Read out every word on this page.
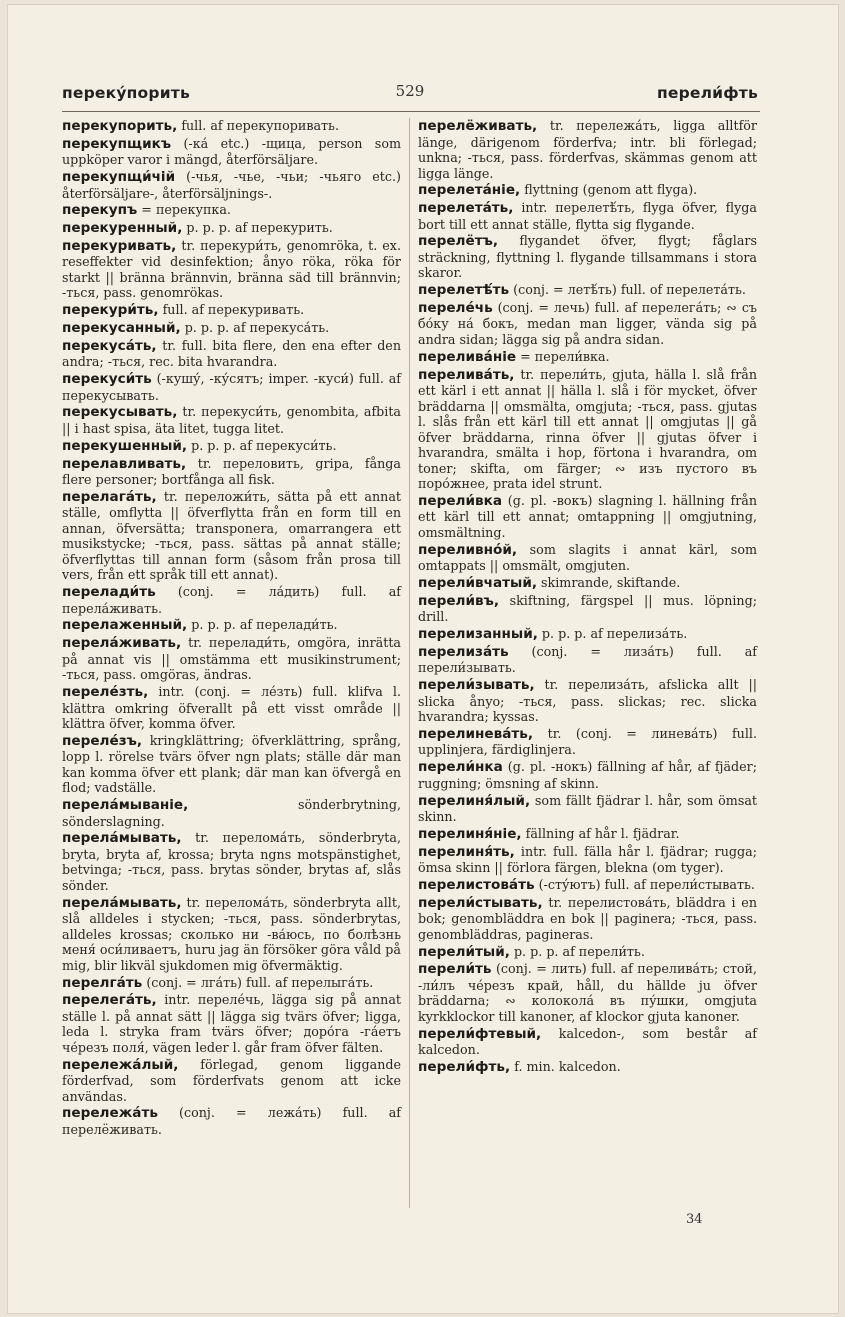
переку́порить	529	перели́фть

перекупорить, full. af перекупоривать.

перекупщикъ (-ка́ etc.) -щица, person som uppköper varor i mängd, återförsäljare.

перекупщи́чій (-чья, -чье, -чьи; -чьяго etc.) återförsäljare-, återförsäljnings-.

перекупъ = перекупка.

перекуренный, p. p. p. af перекурить.

перекуривать, tr. перекури́ть, genomröka, t. ex. reseffekter vid desinfektion; ånyo röka, röka för starkt || bränna brännvin, bränna säd till brännvin; -ться, pass. genomrökas.

перекури́ть, full. af перекуривать.

перекусанный, p. p. p. af перекуса́ть.

перекуса́ть, tr. full. bita flere, den ena efter den andra; -ться, rec. bita hvarandra.

перекуси́ть (-кушу́, -ку́сятъ; imper. -куси́) full. af перекусывать.

перекусывать, tr. перекуси́ть, genombita, afbita || i hast spisa, äta litet, tugga litet.

перекушенный, p. p. p. af перекуси́ть.

перелавливать, tr. переловить, gripa, fånga flere personer; bortfånga all fisk.

перелага́ть, tr. переложи́ть, sätta på ett annat ställe, omflytta || öfverflytta från en form till en annan, öfversätta; transponera, omarrangera ett musikstycke; -ться, pass. sättas på annat ställe; öfverflyttas till annan form (såsom från prosa till vers, från ett språk till ett annat).

перелади́ть (conj. = ла́дить) full. af перела́живать.

перелаженный, p. p. p. af перелади́ть.

перела́живать, tr. перелади́ть, omgöra, inrätta på annat vis || omstämma ett musikinstrument; -ться, pass. omgöras, ändras.

переле́зть, intr. (conj. = ле́зть) full. klifva l. klättra omkring öfverallt på ett visst område || klättra öfver, komma öfver.

переле́зъ, kringklättring; öfverklättring, språng, lopp l. rörelse tvärs öfver ngn plats; ställe där man kan komma öfver ett plank; där man kan öfvergå en flod; vadställe.

перела́мываніе, sönderbrytning, sönderslagning.

перела́мывать, tr. перелома́ть, sönderbryta, bryta, bryta af, krossa; bryta ngns motspänstighet, betvinga; -ться, pass. brytas sönder, brytas af, slås sönder.

перела́мывать, tr. перелома́ть, sönderbryta allt, slå alldeles i stycken; -ться, pass. sönderbrytas, alldeles krossas; сколько ни -ва́юсь, по болѣзнь меня́ оси́ливаетъ, huru jag än försöker göra våld på mig, blir likväl sjukdomen mig öfvermäktig.

перелга́ть (conj. = лга́ть) full. af перелыга́ть.

перелега́ть, intr. переле́чь, lägga sig på annat ställe l. på annat sätt || lägga sig tvärs öfver; ligga, leda l. stryka fram tvärs öfver; доро́га -га́етъ че́резъ поля́, vägen leder l. går fram öfver fälten.

перележа́лый, förlegad, genom liggande förderfvad, som förderfvats genom att icke användas.

перележа́ть (conj. = лежа́ть) full. af перелёживать.

перелёживать, tr. перележа́ть, ligga alltför länge, därigenom förderfva; intr. bli förlegad; unkna; -ться, pass. förderfvas, skämmas genom att ligga länge.

перелета́ніе, flyttning (genom att flyga).

перелета́ть, intr. перелетѣ́ть, flyga öfver, flyga bort till ett annat ställe, flytta sig flygande.

перелётъ, flygandet öfver, flygt; fåglars sträckning, flyttning l. flygande tillsammans i stora skaror.

перелетѣ́ть (conj. = летѣ́ть) full. of перелета́ть.

переле́чь (conj. = лечь) full. af перелега́ть; ∾ съ бо́ку на́ бокъ, medan man ligger, vända sig på andra sidan; lägga sig på andra sidan.

перелива́ніе = перели́вка.

перелива́ть, tr. перели́ть, gjuta, hälla l. slå från ett kärl i ett annat || hälla l. slå i för mycket, öfver bräddarna || omsmälta, omgjuta; -ться, pass. gjutas l. slås från ett kärl till ett annat || omgjutas || gå öfver bräddarna, rinna öfver || gjutas öfver i hvarandra, smälta i hop, förtona i hvarandra, om toner; skifta, om färger; ∾ изъ пустого въ поро́жнее, prata idel strunt.

перели́вка (g. pl. -вокъ) slagning l. hällning från ett kärl till ett annat; omtappning || omgjutning, omsmältning.

переливно́й, som slagits i annat kärl, som omtappats || omsmält, omgjuten.

перели́вчатый, skimrande, skiftande.

перели́въ, skiftning, färgspel || mus. löpning; drill.

перелизанный, p. p. p. af перелиза́ть.

перелиза́ть (conj. = лиза́ть) full. af перели́зывать.

перели́зывать, tr. перелиза́ть, afslicka allt || slicka ånyo; -ться, pass. slickas; rec. slicka hvarandra; kyssas.

перелинева́ть, tr. (conj. = линева́ть) full. upplinjera, färdiglinjera.

перели́нка (g. pl. -нокъ) fällning af hår, af fjäder; ruggning; ömsning af skinn.

перелиня́лый, som fällt fjädrar l. hår, som ömsat skinn.

перелиня́ніе, fällning af hår l. fjädrar.

перелиня́ть, intr. full. fälla hår l. fjädrar; rugga; ömsa skinn || förlora färgen, blekna (om tyger).

перелистова́ть (-сту́ютъ) full. af перели́стывать.

перели́стывать, tr. перелистова́ть, bläddra i en bok; genombläddra en bok || paginera; -ться, pass. genombläddras, pagineras.

перели́тый, p. p. p. af перели́ть.

перели́ть (conj. = лить) full. af перелива́ть; стой, -ли́лъ че́резъ край, håll, du hällde ju öfver bräddarna; ∾ колокола́ въ пу́шки, omgjuta kyrkklockor till kanoner, af klockor gjuta kanoner.

перели́фтевый, kalcedon-, som består af kalcedon.

перели́фть, f. min. kalcedon.

34
